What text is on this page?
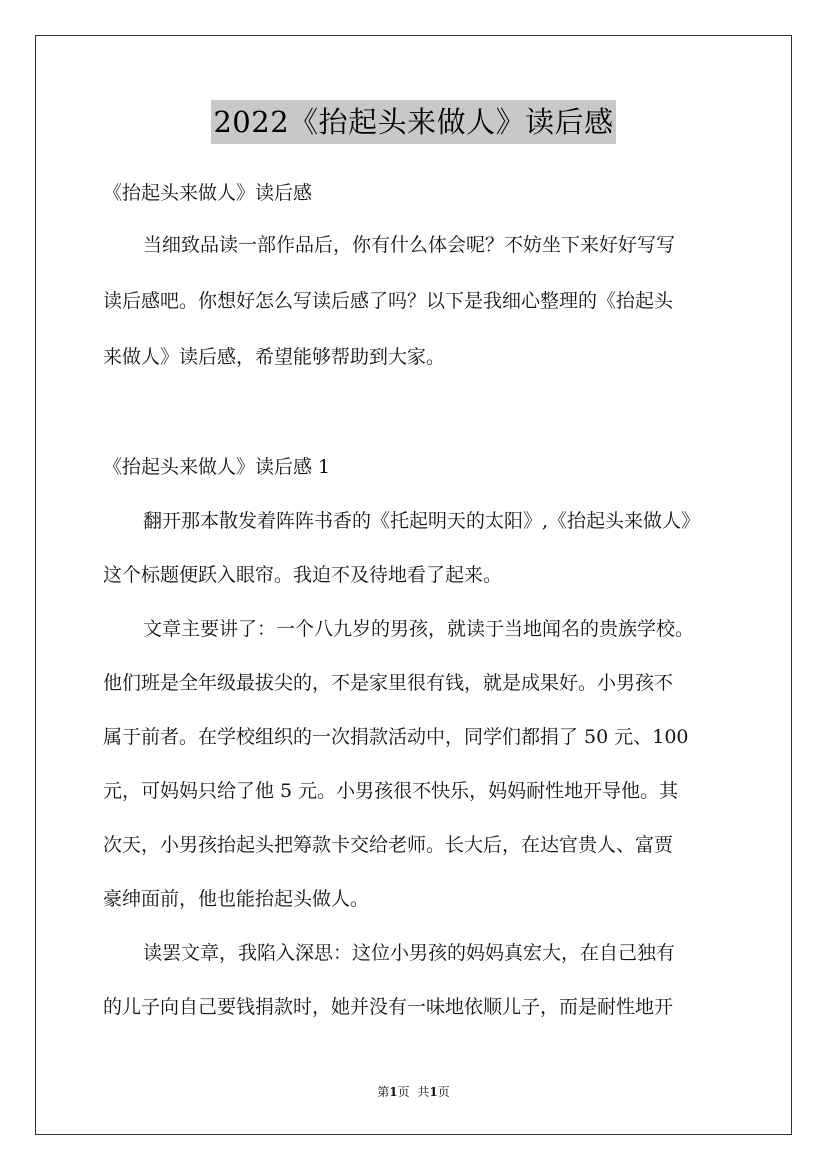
2022《抬起头来做人》读后感
《抬起头来做人》读后感
当细致品读一部作品后，你有什么体会呢？不妨坐下来好好写写
读后感吧。你想好怎么写读后感了吗？以下是我细心整理的《抬起头
来做人》读后感，希望能够帮助到大家。
《抬起头来做人》读后感 1
翻开那本散发着阵阵书香的《托起明天的太阳》,《抬起头来做人》
这个标题便跃入眼帘。我迫不及待地看了起来。
文章主要讲了：一个八九岁的男孩，就读于当地闻名的贵族学校。
他们班是全年级最拔尖的，不是家里很有钱，就是成果好。小男孩不
属于前者。在学校组织的一次捐款活动中，同学们都捐了 50 元、100
元，可妈妈只给了他 5 元。小男孩很不快乐，妈妈耐性地开导他。其
次天，小男孩抬起头把筹款卡交给老师。长大后，在达官贵人、富贾
豪绅面前，他也能抬起头做人。
读罢文章，我陷入深思：这位小男孩的妈妈真宏大，在自己独有
的儿子向自己要钱捐款时，她并没有一味地依顺儿子，而是耐性地开
第1页 共1页
